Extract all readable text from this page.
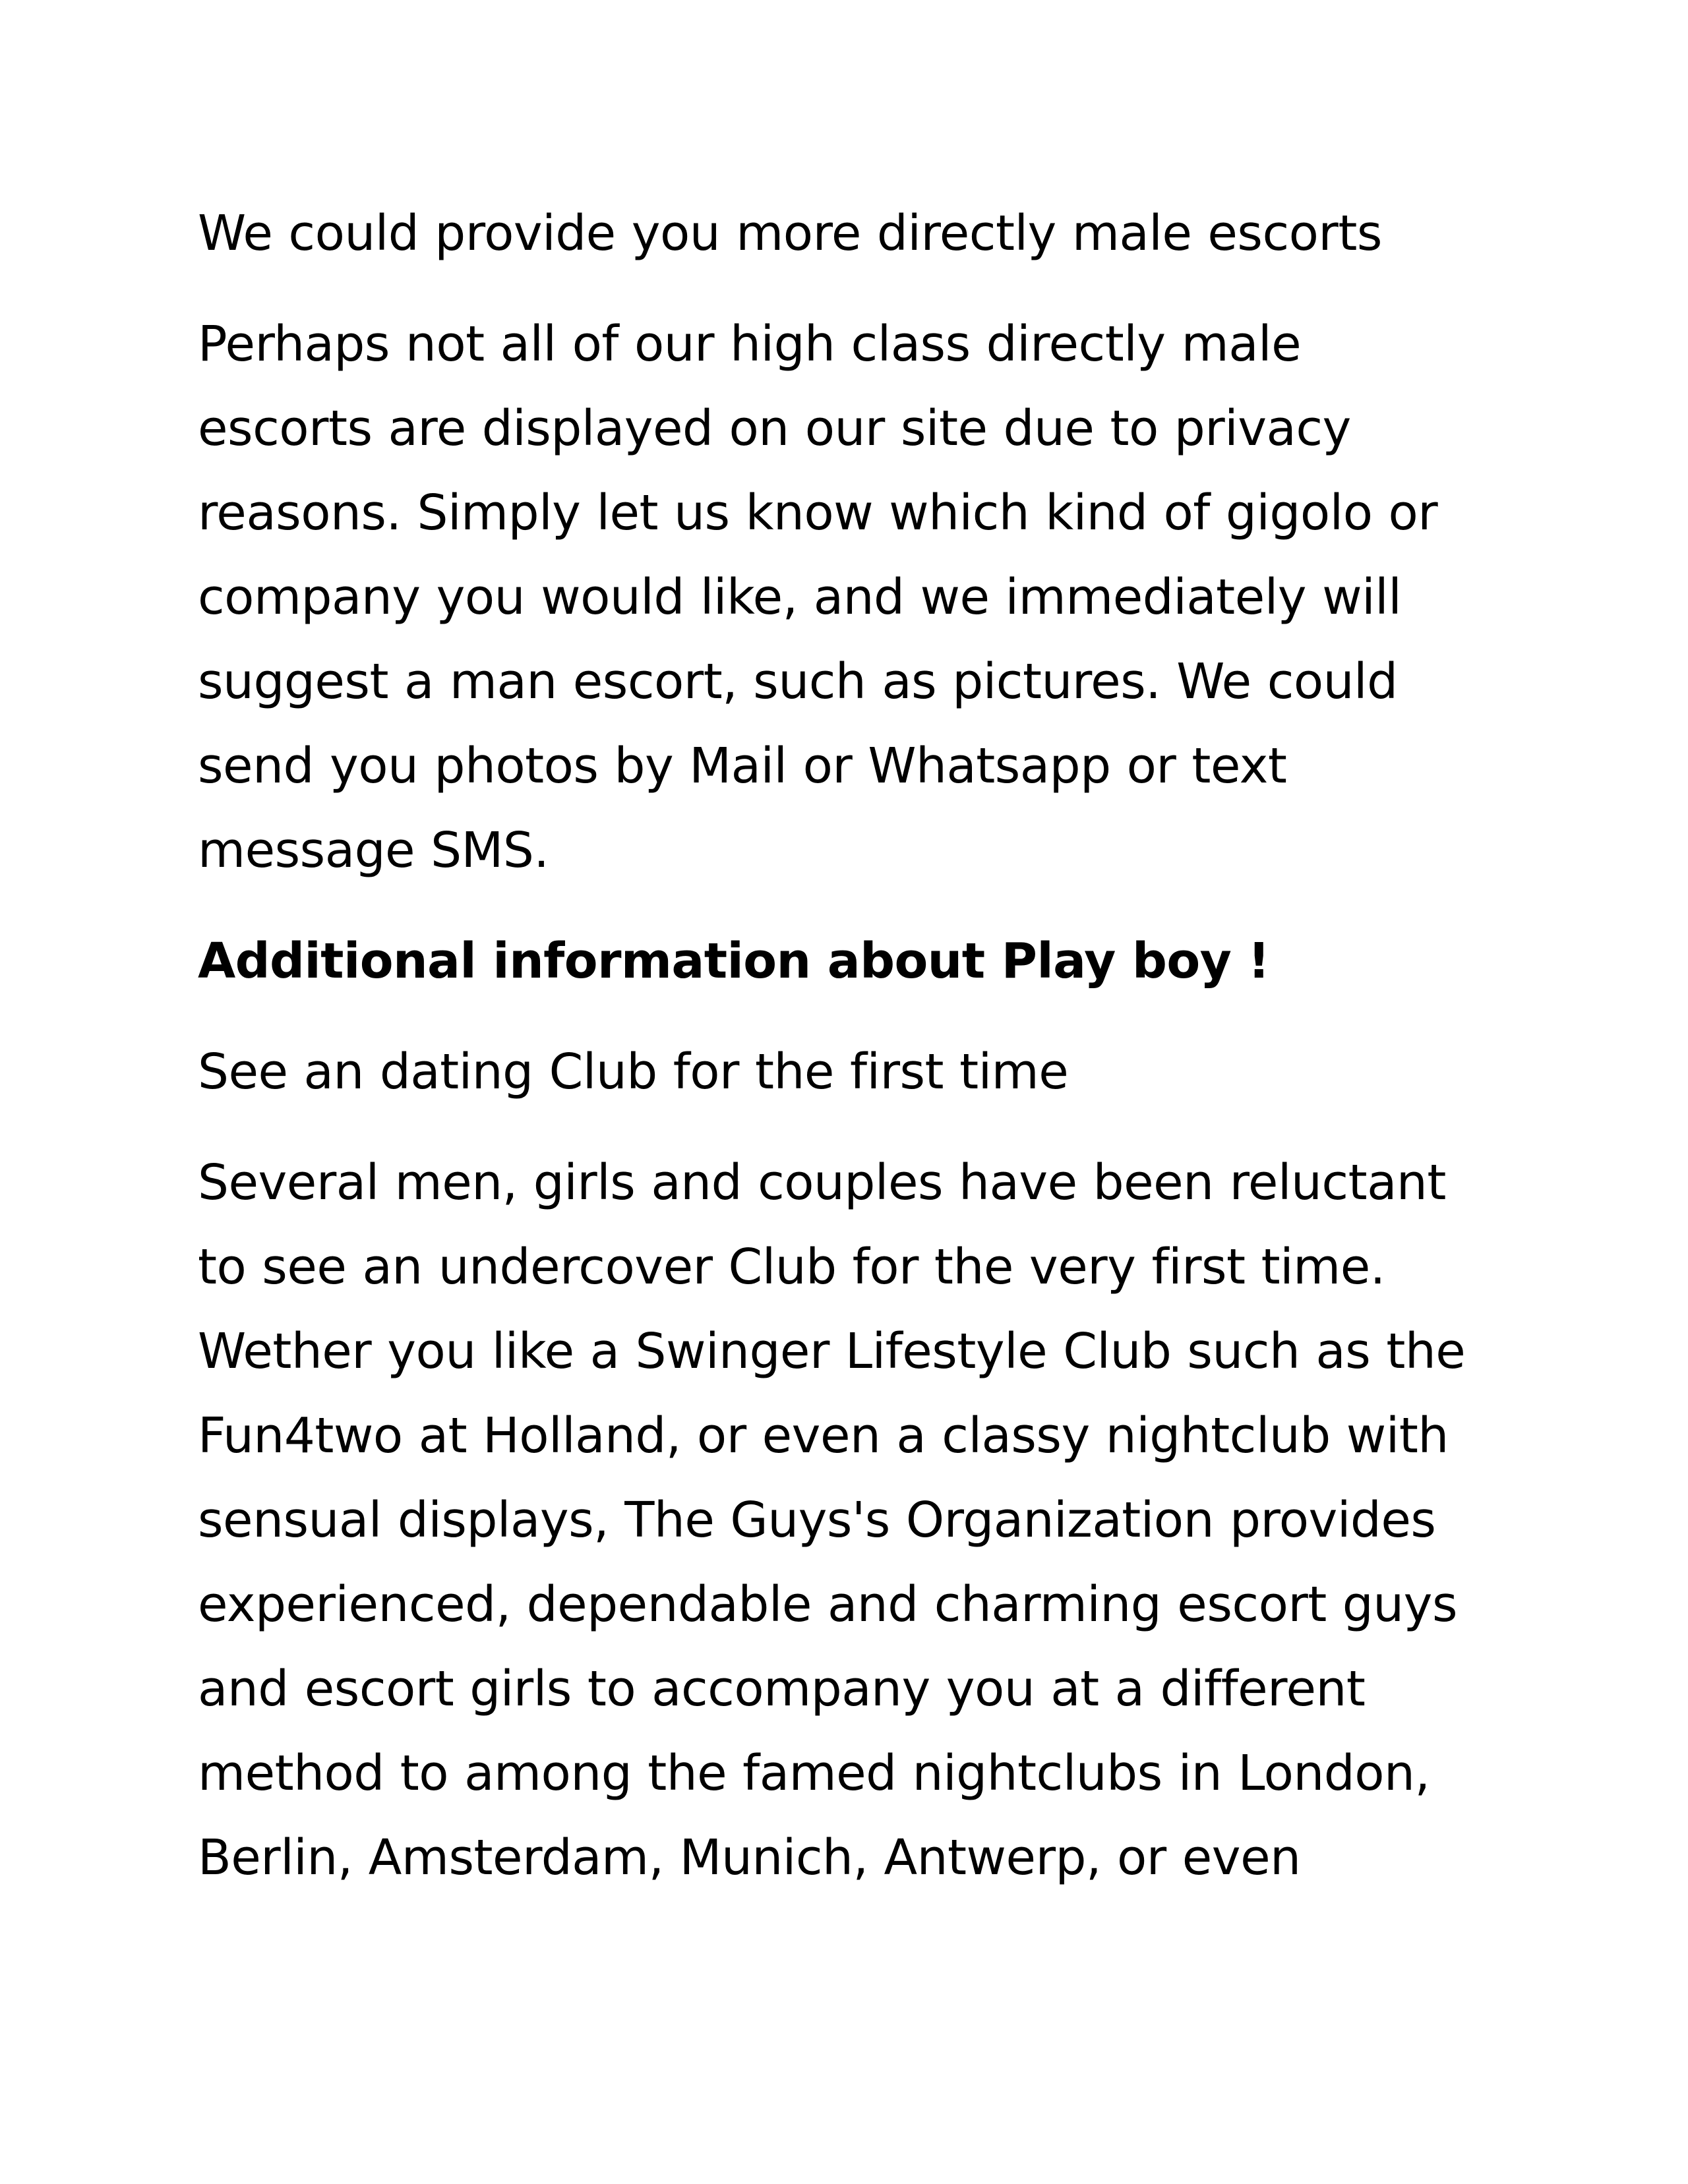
We could provide you more directly male escorts

Perhaps not all of our high class directly male
escorts are displayed on our site due to privacy
reasons. Simply let us know which kind of gigolo or
company you would like, and we immediately will
suggest a man escort, such as pictures. We could
send you photos by Mail or Whatsapp or text
message SMS.

Additional information about Play boy !

See an dating Club for the first time

Several men, girls and couples have been reluctant
to see an undercover Club for the very first time.
Wether you like a Swinger Lifestyle Club such as the
Fun4two at Holland, or even a classy nightclub with
sensual displays, The Guys's Organization provides
experienced, dependable and charming escort guys
and escort girls to accompany you at a different
method to among the famed nightclubs in London,
Berlin, Amsterdam, Munich, Antwerp, or even
